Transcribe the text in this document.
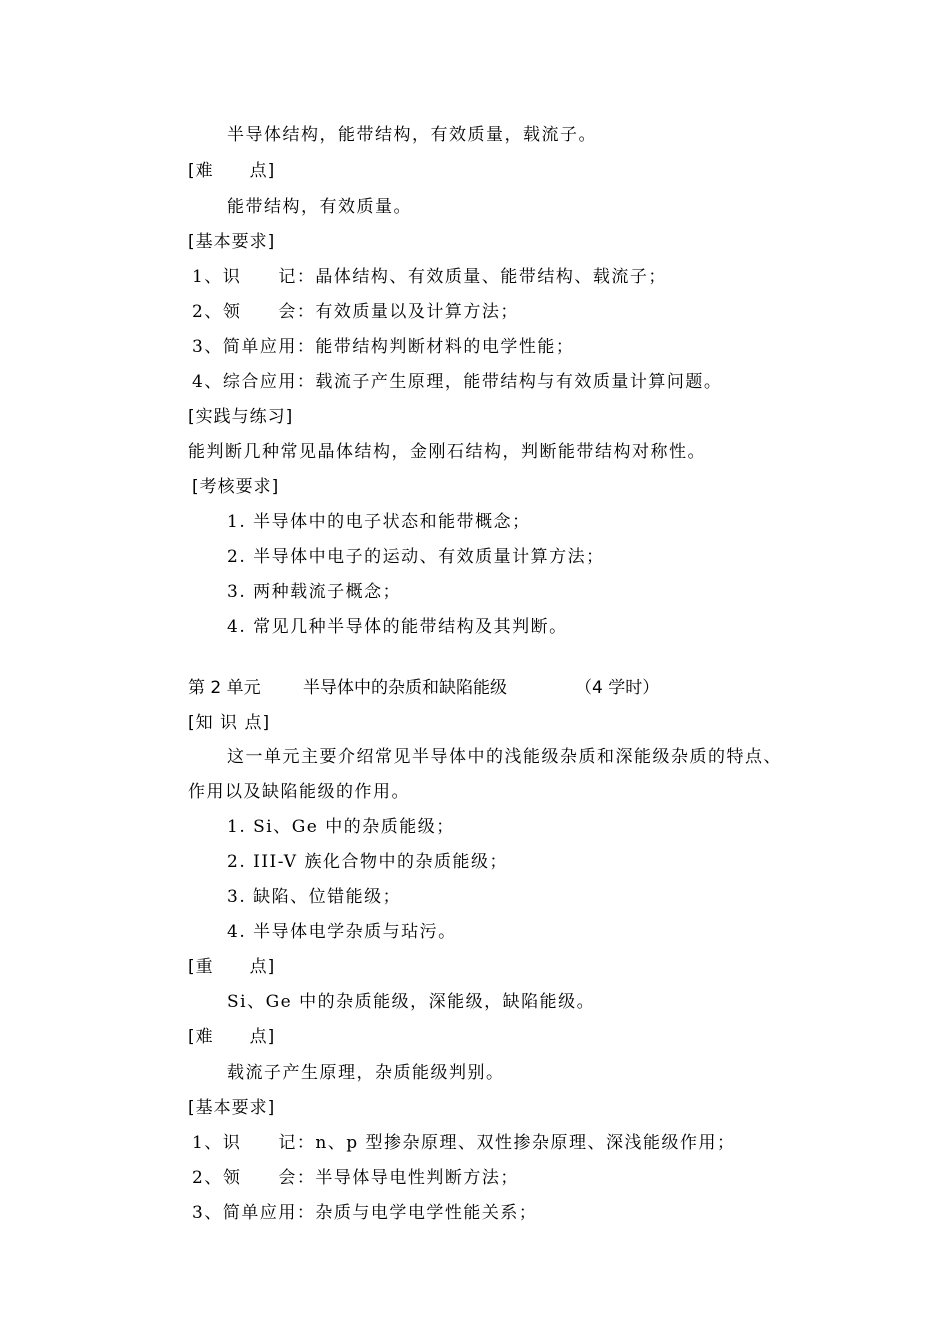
半导体结构，能带结构，有效质量，载流子。
[难　　点]
能带结构，有效质量。
[基本要求]
1、识　　记：晶体结构、有效质量、能带结构、载流子；
2、领　　会：有效质量以及计算方法；
3、简单应用：能带结构判断材料的电学性能；
4、综合应用：载流子产生原理，能带结构与有效质量计算问题。
[实践与练习]
能判断几种常见晶体结构，金刚石结构，判断能带结构对称性。
[考核要求]
1. 半导体中的电子状态和能带概念；
2. 半导体中电子的运动、有效质量计算方法；
3. 两种载流子概念；
4. 常见几种半导体的能带结构及其判断。
第 2 单元 半导体中的杂质和缺陷能级	（4 学时）
[知 识 点]
这一单元主要介绍常见半导体中的浅能级杂质和深能级杂质的特点、
作用以及缺陷能级的作用。
1. Si、Ge 中的杂质能级；
2. III-V 族化合物中的杂质能级；
3. 缺陷、位错能级；
4. 半导体电学杂质与玷污。
[重　　点]
Si、Ge 中的杂质能级，深能级，缺陷能级。
[难　　点]
载流子产生原理，杂质能级判别。
[基本要求]
1、识　　记：n、p 型掺杂原理、双性掺杂原理、深浅能级作用；
2、领　　会：半导体导电性判断方法；
3、简单应用：杂质与电学电学性能关系；
